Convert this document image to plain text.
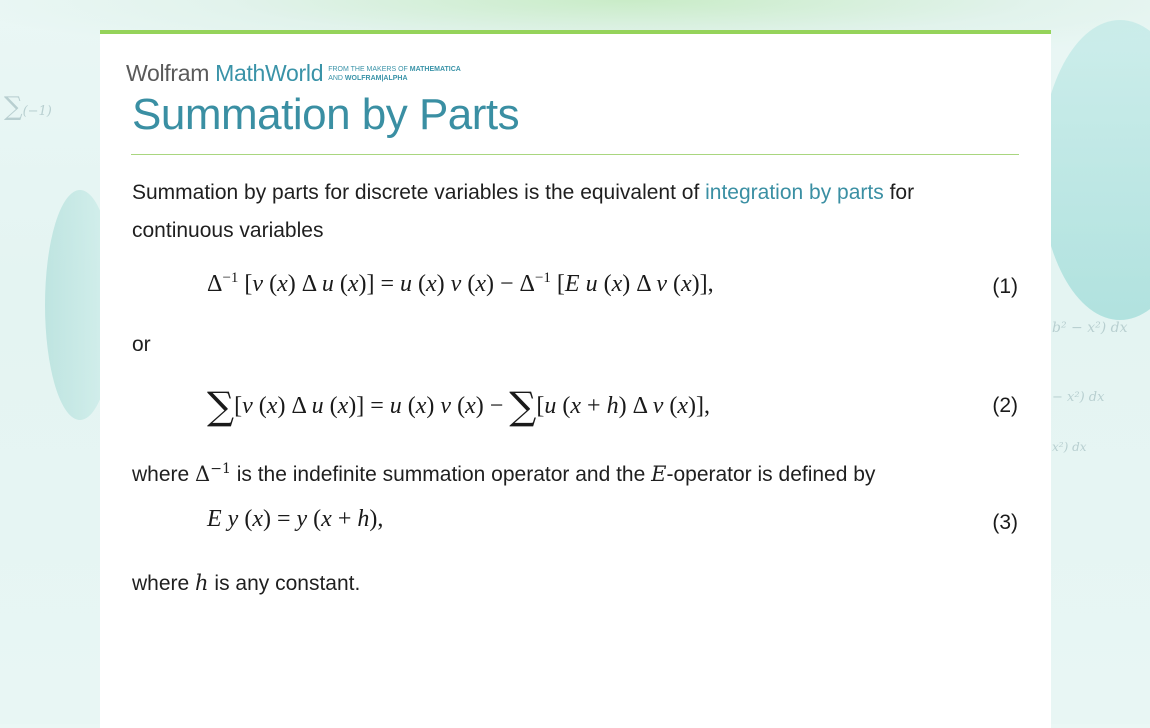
∑(−1)
b² − x²) dx
− x²) dx
x²) dx
Wolfram MathWorld FROM THE MAKERS OF MATHEMATICA
AND WOLFRAM|ALPHA
Summation by Parts
Summation by parts for discrete variables is the equivalent of integration by parts for continuous variables
$\Delta^{-1}$ [v (x) Δ u (x)] = u (x) v $(x) - \Delta^{-1}$ [E u (x) Δ v (x)],	(1)
or
∑[v (x) Δ u (x)] = u (x) v (x) − ∑[u (x + h) Δ v (x)],	(2)
where $\Delta^{-1}$ is the indefinite summation operator and the E-operator is defined by
E y (x) = y (x + h),	(3)
where h is any constant.
